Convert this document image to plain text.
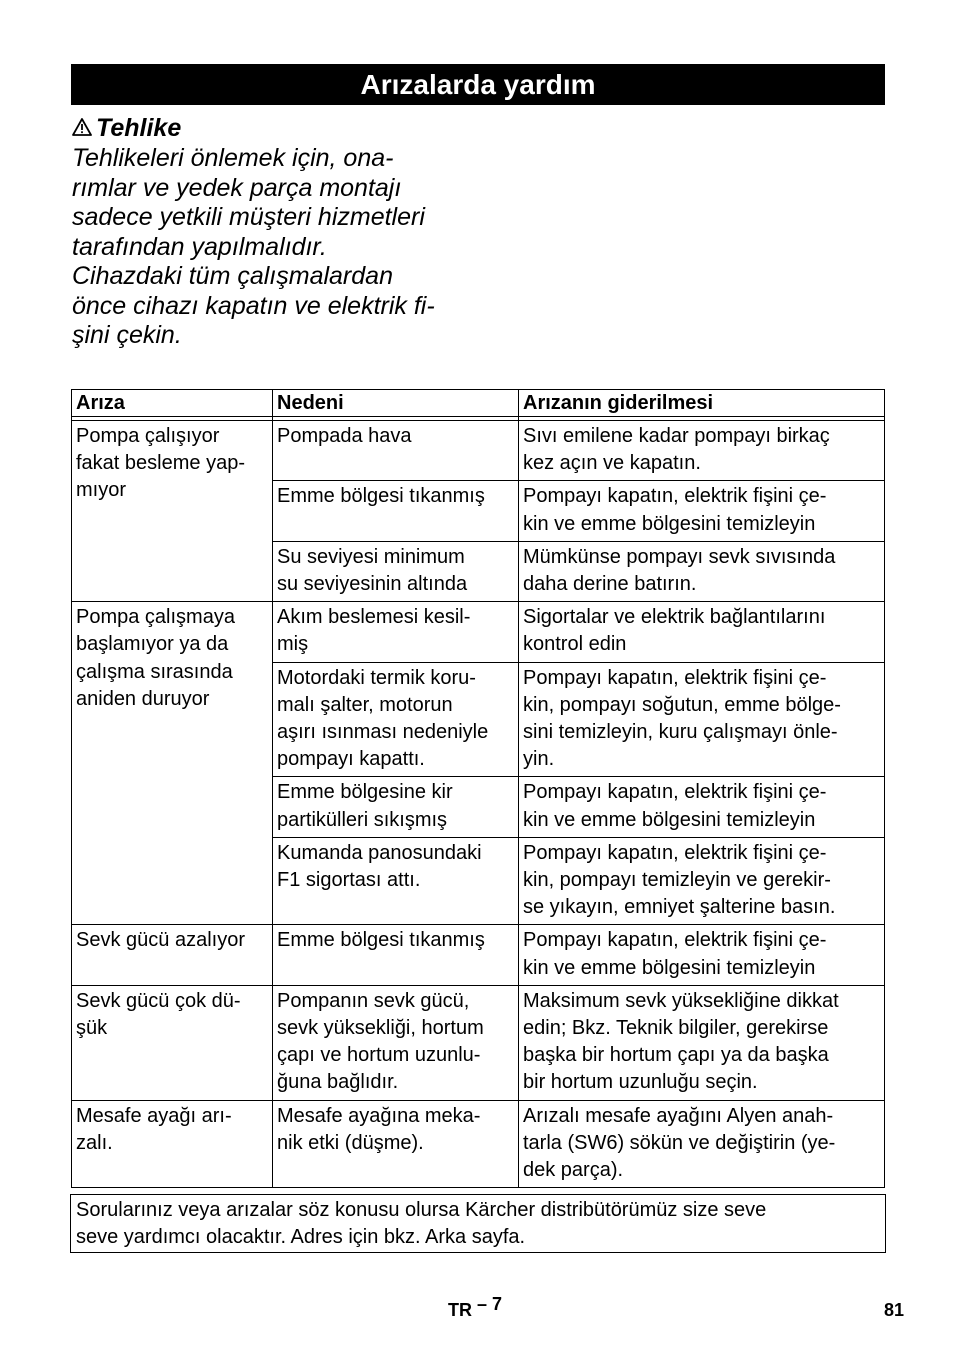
Arızalarda yardım
Tehlike
Tehlikeleri önlemek için, ona-
rımlar ve yedek parça montajı
sadece yetkili müşteri hizmetleri
tarafından yapılmalıdır.
Cihazdaki tüm çalışmalardan
önce cihazı kapatın ve elektrik fi-
şini çekin.
Arıza	Nedeni	Arızanın giderilmesi

Pompa çalışıyor
fakat besleme yap-
mıyor	Pompada hava	Sıvı emilene kadar pompayı birkaç
kez açın ve kapatın.

	Emme bölgesi tıkanmış	Pompayı kapatın, elektrik fişini çe-
kin ve emme bölgesini temizleyin

	Su seviyesi minimum
su seviyesinin altında	Mümkünse pompayı sevk sıvısında
daha derine batırın.

Pompa çalışmaya
başlamıyor ya da
çalışma sırasında
aniden duruyor	Akım beslemesi kesil-
miş	Sigortalar ve elektrik bağlantılarını
kontrol edin

	Motordaki termik koru-
malı şalter, motorun
aşırı ısınması nedeniyle
pompayı kapattı.	Pompayı kapatın, elektrik fişini çe-
kin, pompayı soğutun, emme bölge-
sini temizleyin, kuru çalışmayı önle-
yin.

	Emme bölgesine kir
partikülleri sıkışmış	Pompayı kapatın, elektrik fişini çe-
kin ve emme bölgesini temizleyin

	Kumanda panosundaki
F1 sigortası attı.	Pompayı kapatın, elektrik fişini çe-
kin, pompayı temizleyin ve gerekir-
se yıkayın, emniyet şalterine basın.

Sevk gücü azalıyor	Emme bölgesi tıkanmış	Pompayı kapatın, elektrik fişini çe-
kin ve emme bölgesini temizleyin

Sevk gücü çok dü-
şük	Pompanın sevk gücü,
sevk yüksekliği, hortum
çapı ve hortum uzunlu-
ğuna bağlıdır.	Maksimum sevk yüksekliğine dikkat
edin; Bkz. Teknik bilgiler, gerekirse
başka bir hortum çapı ya da başka
bir hortum uzunluğu seçin.

Mesafe ayağı arı-
zalı.	Mesafe ayağına meka-
nik etki (düşme).	Arızalı mesafe ayağını Alyen anah-
tarla (SW6) sökün ve değiştirin (ye-
dek parça).
Sorularınız veya arızalar söz konusu olursa Kärcher distribütörümüz size seve
seve yardımcı olacaktır. Adres için bkz. Arka sayfa.
TR – 7	81
